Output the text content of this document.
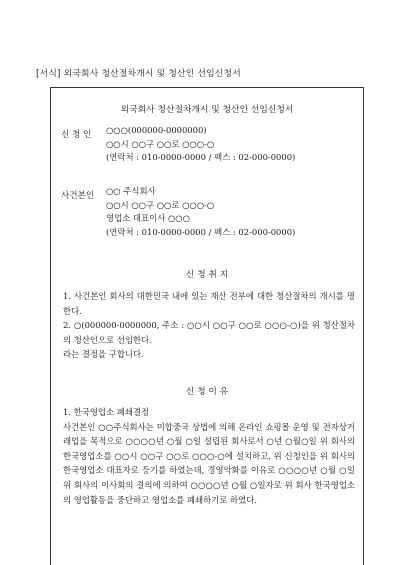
[서식] 외국회사 청산절차개시 및 청산인 선임신청서
외국회사 청산절차개시 및 청산인 선임신청서
신 청 인 ○○○(000000-0000000)
○○시 ○○구 ○○로 ○○○-○
(연락처 : 010-0000-0000 / 팩스 : 02-000-0000)
사건본인 ○○ 주식회사
○○시 ○○구 ○○로 ○○○-○
영업소 대표이사 ○○○
(연락처 : 010-0000-0000 / 팩스 : 02-000-0000)
신 청 취 지

1. 사건본인 회사의 대한민국 내에 있는 재산 전부에 대한 청산절차의 개시를 명한다.

2. ○(000000-0000000, 주소 : ○○시 ○○구 ○○로 ○○○-○)을 위 청산절차의 청산인으로 선임한다.

라는 결정을 구합니다.

신 청 이 유

1. 한국영업소 폐쇄결정

사건본인 ○○주식회사는 미합중국 상법에 의해 온라인 쇼핑몰 운영 및 전자상거래업을 목적으로 ○○○○년 ○월 ○일 설립된 회사로서 ○년 ○월○일 위 회사의 한국영업소를 ○○시 ○○구 ○○로 ○○○-○에 설치하고, 위 신청인을 위 회사의 한국영업소 대표자로 등기를 하였는데, 경영악화를 이유로 ○○○○년 ○월 ○일 위 회사의 이사회의 결의에 의하여 ○○○○년 ○월 ○일자로 위 회사 한국영업소의 영업활동을 중단하고 영업소를 폐쇄하기로 하였다.
